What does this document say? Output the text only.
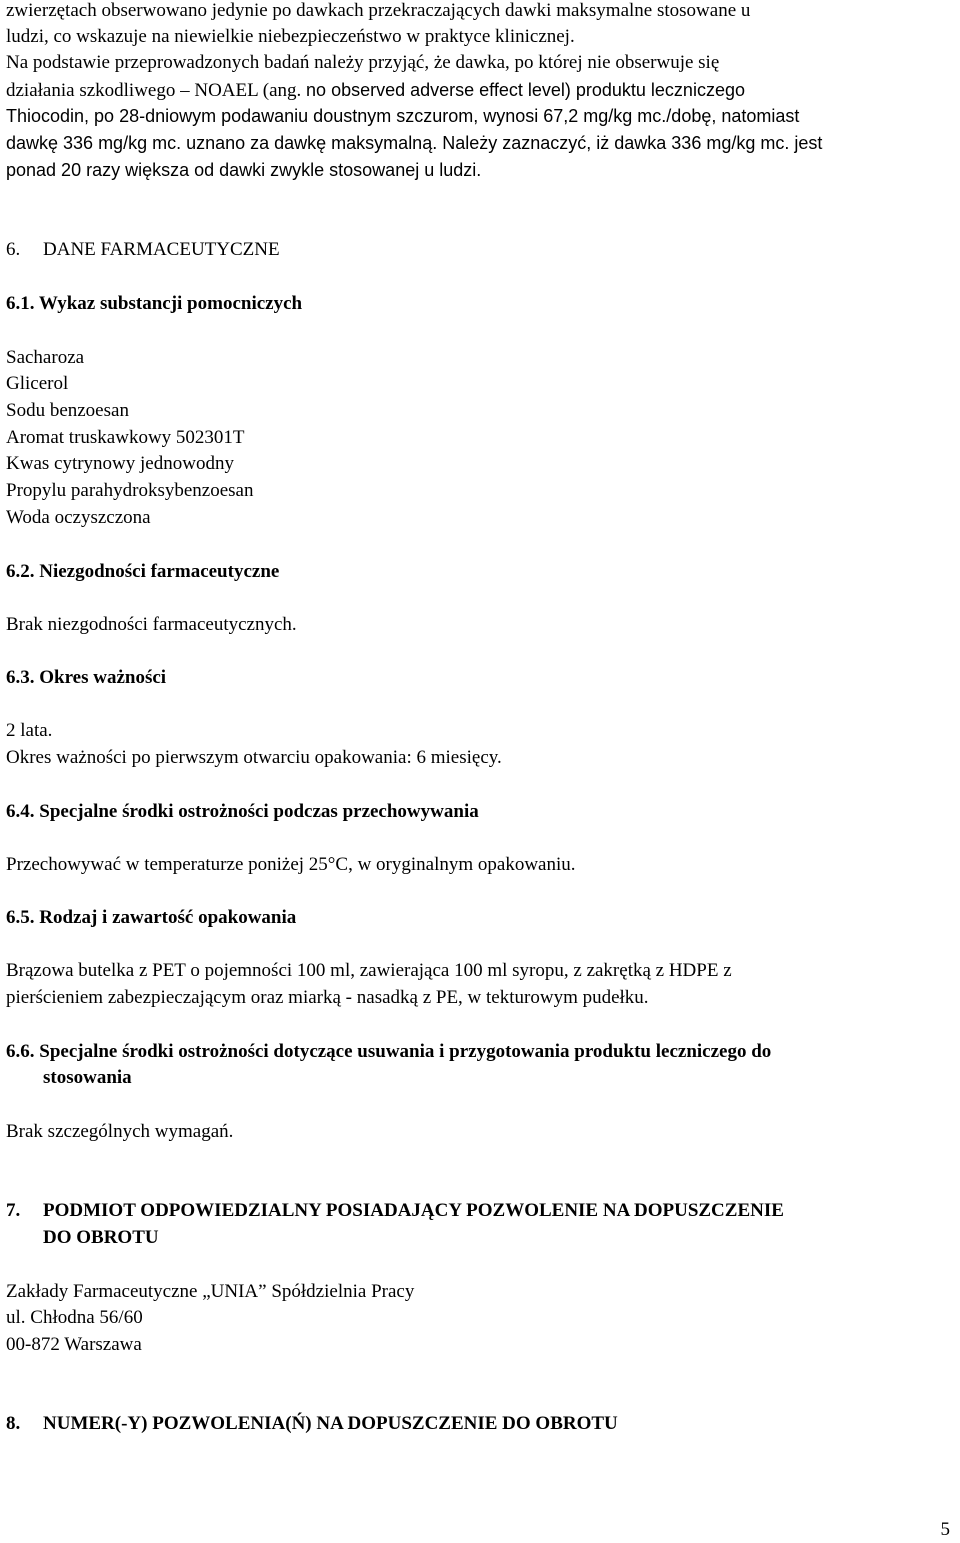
zwierzętach obserwowano jedynie po dawkach przekraczających dawki maksymalne stosowane u
ludzi, co wskazuje na niewielkie niebezpieczeństwo w praktyce klinicznej.
Na podstawie przeprowadzonych badań należy przyjąć, że dawka, po której nie obserwuje się
działania szkodliwego – NOAEL (ang. no observed adverse effect level) produktu leczniczego
Thiocodin, po 28-dniowym podawaniu doustnym szczurom, wynosi 67,2 mg/kg mc./dobę, natomiast
dawkę 336 mg/kg mc. uznano za dawkę maksymalną. Należy zaznaczyć, iż dawka 336 mg/kg mc. jest
ponad 20 razy większa od dawki zwykle stosowanej u ludzi.
6. DANE FARMACEUTYCZNE
6.1. Wykaz substancji pomocniczych
Sacharoza
Glicerol
Sodu benzoesan
Aromat truskawkowy 502301T
Kwas cytrynowy jednowodny
Propylu parahydroksybenzoesan
Woda oczyszczona
6.2. Niezgodności farmaceutyczne
Brak niezgodności farmaceutycznych.
6.3. Okres ważności
2 lata.
Okres ważności po pierwszym otwarciu opakowania: 6 miesięcy.
6.4. Specjalne środki ostrożności podczas przechowywania
Przechowywać w temperaturze poniżej 25°C, w oryginalnym opakowaniu.
6.5. Rodzaj i zawartość opakowania
Brązowa butelka z PET o pojemności 100 ml, zawierająca 100 ml syropu, z zakrętką z HDPE z
pierścieniem zabezpieczającym oraz miarką - nasadką z PE, w tekturowym pudełku.
6.6. Specjalne środki ostrożności dotyczące usuwania i przygotowania produktu leczniczego do
stosowania
Brak szczególnych wymagań.
7. PODMIOT ODPOWIEDZIALNY POSIADAJĄCY POZWOLENIE NA DOPUSZCZENIE
DO OBROTU
Zakłady Farmaceutyczne „UNIA” Spółdzielnia Pracy
ul. Chłodna 56/60
00-872 Warszawa
8. NUMER(-Y) POZWOLENIA(Ń) NA DOPUSZCZENIE DO OBROTU
5
